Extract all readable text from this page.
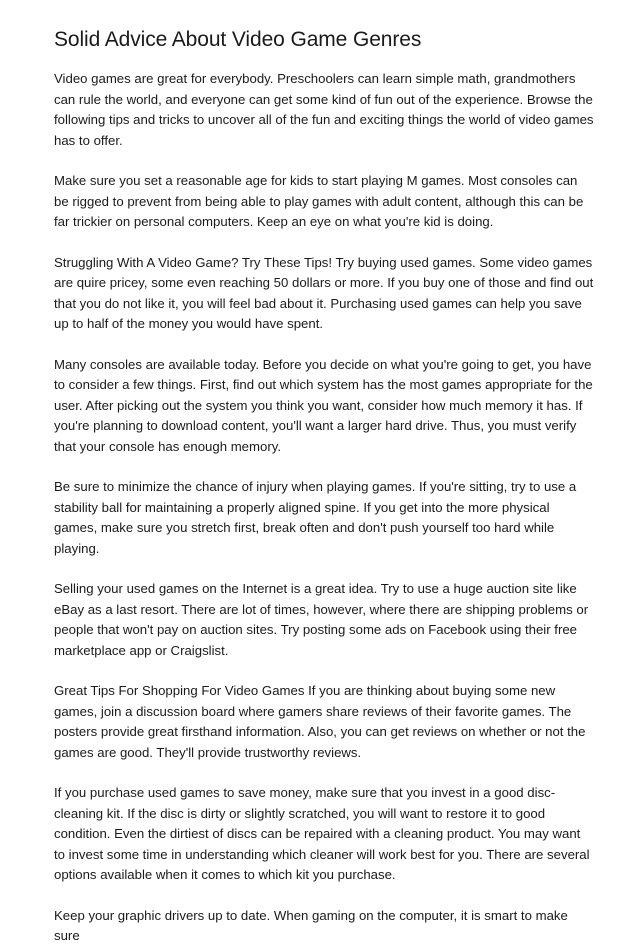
Solid Advice About Video Game Genres

Video games are great for everybody. Preschoolers can learn simple math, grandmothers can rule the world, and everyone can get some kind of fun out of the experience. Browse the following tips and tricks to uncover all of the fun and exciting things the world of video games has to offer.

Make sure you set a reasonable age for kids to start playing M games. Most consoles can be rigged to prevent from being able to play games with adult content, although this can be far trickier on personal computers. Keep an eye on what you're kid is doing.

Struggling With A Video Game? Try These Tips! Try buying used games. Some video games are quire pricey, some even reaching 50 dollars or more. If you buy one of those and find out that you do not like it, you will feel bad about it. Purchasing used games can help you save up to half of the money you would have spent.

Many consoles are available today. Before you decide on what you're going to get, you have to consider a few things. First, find out which system has the most games appropriate for the user. After picking out the system you think you want, consider how much memory it has. If you're planning to download content, you'll want a larger hard drive. Thus, you must verify that your console has enough memory.

Be sure to minimize the chance of injury when playing games. If you're sitting, try to use a stability ball for maintaining a properly aligned spine. If you get into the more physical games, make sure you stretch first, break often and don't push yourself too hard while playing.

Selling your used games on the Internet is a great idea. Try to use a huge auction site like eBay as a last resort. There are lot of times, however, where there are shipping problems or people that won't pay on auction sites. Try posting some ads on Facebook using their free marketplace app or Craigslist.

Great Tips For Shopping For Video Games If you are thinking about buying some new games, join a discussion board where gamers share reviews of their favorite games. The posters provide great firsthand information. Also, you can get reviews on whether or not the games are good. They'll provide trustworthy reviews.

If you purchase used games to save money, make sure that you invest in a good disc-cleaning kit. If the disc is dirty or slightly scratched, you will want to restore it to good condition. Even the dirtiest of discs can be repaired with a cleaning product. You may want to invest some time in understanding which cleaner will work best for you. There are several options available when it comes to which kit you purchase.

Keep your graphic drivers up to date. When gaming on the computer, it is smart to make sure
